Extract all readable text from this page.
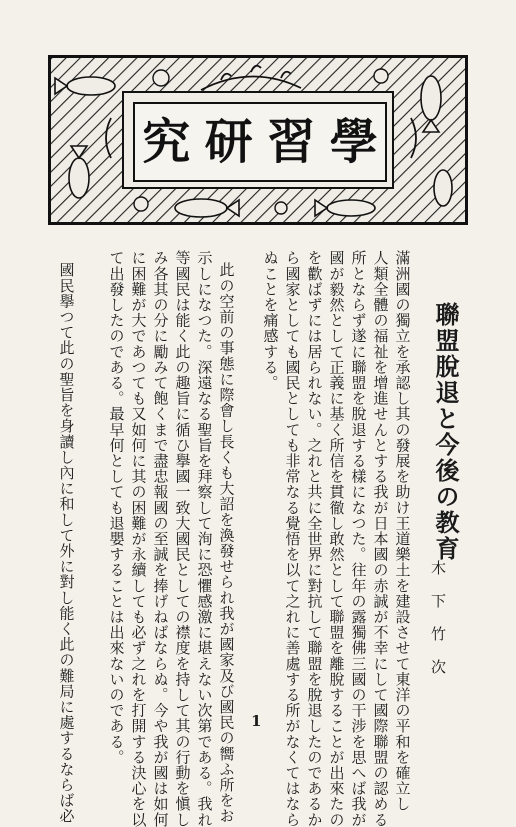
究 研 習 學
聯盟脫退と今後の教育
木下竹次
滿洲國の獨立を承認し其の發展を助け王道樂土を建設させて東洋の平和を確立し
人類全體の福祉を增進せんとする我が日本國の赤誠が不幸にして國際聯盟の認める
所とならず遂に聯盟を脫退する樣になつた。往年の露獨佛三國の干涉を思へば我が
國が毅然として正義に基く所信を貫徹し敢然として聯盟を離脫することが出來たの
を歡ばずには居られない。之れと共に全世界に對抗して聯盟を脫退したのであるか
ら國家としても國民としても非常なる覺悟を以て之れに善處する所がなくてはなら
ぬことを痛感する。
此の空前の事態に際會し長くも大詔を渙發せられ我が國家及び國民の嚮ふ所をお
示しになつた。深遠なる聖旨を拜察して洵に恐懼感激に堪えない次第である。我れ
等國民は能く此の趣旨に循ひ擧國一致大國民としての襟度を持して其の行動を愼し
み各其の分に勵みて飽くまで盡忠報國の至誠を捧げねばならぬ。今や我が國は如何
に困難が大であつても又如何に其の困難が永續しても必ず之れを打開する決心を以
て出發したのである。最早何としても退嬰することは出來ないのである。
國民擧つて此の聖旨を身讀し內に和して外に對し能く此の難局に處するならば必	1
